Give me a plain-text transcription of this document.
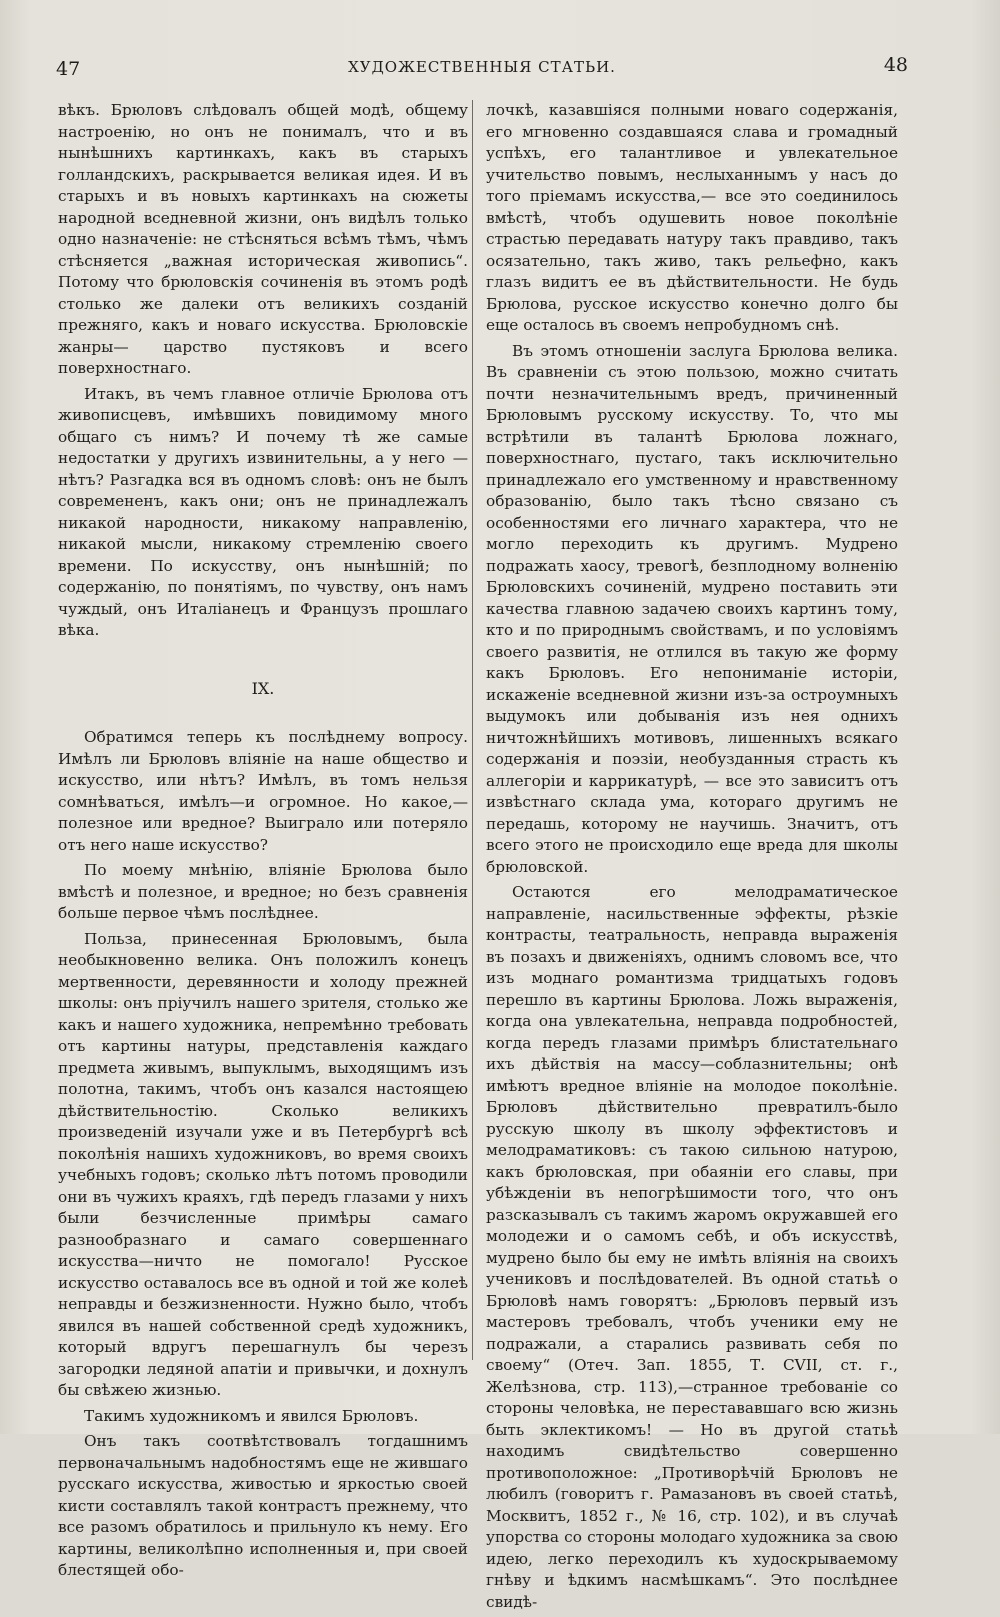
47	ХУДОЖЕСТВЕННЫЯ СТАТЬИ.	48

вѣкъ. Брюловъ слѣдовалъ общей модѣ, общему настроенію, но онъ не понималъ, что и въ нынѣшнихъ картинкахъ, какъ въ старыхъ голландскихъ, раскрывается великая идея. И въ старыхъ и въ новыхъ картинкахъ на сюжеты народной вседневной жизни, онъ видѣлъ только одно назначеніе: не стѣсняться всѣмъ тѣмъ, чѣмъ стѣсняется „важная историческая живопись“. Потому что брюловскія сочиненія въ этомъ родѣ столько же далеки отъ великихъ созданій прежняго, какъ и новаго искусства. Брюловскіе жанры— царство пустяковъ и всего поверхностнаго.

Итакъ, въ чемъ главное отличіе Брюлова отъ живописцевъ, имѣвшихъ повидимому много общаго съ нимъ? И почему тѣ же самые недостатки у другихъ извинительны, а у него — нѣтъ? Разгадка вся въ одномъ словѣ: онъ не былъ современенъ, какъ они; онъ не принадлежалъ никакой народности, никакому направленію, никакой мысли, никакому стремленію своего времени. По искусству, онъ нынѣшній; по содержанію, по понятіямъ, по чувству, онъ намъ чуждый, онъ Италіанецъ и Французъ прошлаго вѣка.

IX.

Обратимся теперь къ послѣднему вопросу. Имѣлъ ли Брюловъ вліяніе на наше общество и искусство, или нѣтъ? Имѣлъ, въ томъ нельзя сомнѣваться, имѣлъ—и огромное. Но какое,—полезное или вредное? Выиграло или потеряло отъ него наше искусство?

По моему мнѣнію, вліяніе Брюлова было вмѣстѣ и полезное, и вредное; но безъ сравненія больше первое чѣмъ послѣднее.

Польза, принесенная Брюловымъ, была необыкновенно велика. Онъ положилъ конецъ мертвенности, деревянности и холоду прежней школы: онъ пріучилъ нашего зрителя, столько же какъ и нашего художника, непремѣнно требовать отъ картины натуры, представленія каждаго предмета живымъ, выпуклымъ, выходящимъ изъ полотна, такимъ, чтобъ онъ казался настоящею дѣйствительностію. Сколько великихъ произведеній изучали уже и въ Петербургѣ всѣ поколѣнія нашихъ художниковъ, во время своихъ учебныхъ годовъ; сколько лѣтъ потомъ проводили они въ чужихъ краяхъ, гдѣ передъ глазами у нихъ были безчисленные примѣры самаго разнообразнаго и самаго совершеннаго искусства—ничто не помогало! Русское искусство оставалось все въ одной и той же колеѣ неправды и безжизненности. Нужно было, чтобъ явился въ нашей собственной средѣ художникъ, который вдругъ перешагнулъ бы черезъ загородки ледяной апатіи и привычки, и дохнулъ бы свѣжею жизнью.

Такимъ художникомъ и явился Брюловъ.

Онъ такъ соотвѣтствовалъ тогдашнимъ первоначальнымъ надобностямъ еще не жившаго русскаго искусства, живостью и яркостью своей кисти составлялъ такой контрастъ прежнему, что все разомъ обратилось и прильнуло къ нему. Его картины, великолѣпно исполненныя и, при своей блестящей обо-

лочкѣ, казавшіяся полными новаго содержанія, его мгновенно создавшаяся слава и громадный успѣхъ, его талантливое и увлекательное учительство повымъ, неслыханнымъ у насъ до того пріемамъ искусства,— все это соединилось вмѣстѣ, чтобъ одушевить новое поколѣніе страстью передавать натуру такъ правдиво, такъ осязательно, такъ живо, такъ рельефно, какъ глазъ видитъ ее въ дѣйствительности. Не будь Брюлова, русское искусство конечно долго бы еще осталось въ своемъ непробудномъ снѣ.

Въ этомъ отношеніи заслуга Брюлова велика. Въ сравненіи съ этою пользою, можно считать почти незначительнымъ вредъ, причиненный Брюловымъ русскому искусству. То, что мы встрѣтили въ талантѣ Брюлова ложнаго, поверхностнаго, пустаго, такъ исключительно принадлежало его умственному и нравственному образованію, было такъ тѣсно связано съ особенностями его личнаго характера, что не могло переходить къ другимъ. Мудрено подражать хаосу, тревогѣ, безплодному волненію Брюловскихъ сочиненій, мудрено поставить эти качества главною задачею своихъ картинъ тому, кто и по природнымъ свойствамъ, и по условіямъ своего развитія, не отлился въ такую же форму какъ Брюловъ. Его непониманіе исторіи, искаженіе вседневной жизни изъ-за остроумныхъ выдумокъ или добыванія изъ нея однихъ ничтожнѣйшихъ мотивовъ, лишенныхъ всякаго содержанія и поэзіи, необузданныя страсть къ аллегоріи и каррикатурѣ, — все это зависитъ отъ извѣстнаго склада ума, котораго другимъ не передашь, которому не научишь. Значитъ, отъ всего этого не происходило еще вреда для школы брюловской.

Остаются его мелодраматическое направленіе, насильственные эффекты, рѣзкіе контрасты, театральность, неправда выраженія въ позахъ и движеніяхъ, однимъ словомъ все, что изъ моднаго романтизма тридцатыхъ годовъ перешло въ картины Брюлова. Ложь выраженія, когда она увлекательна, неправда подробностей, когда передъ глазами примѣръ блистательнаго ихъ дѣйствія на массу—соблазнительны; онѣ имѣютъ вредное вліяніе на молодое поколѣніе. Брюловъ дѣйствительно превратилъ-было русскую школу въ школу эффектистовъ и мелодраматиковъ: съ такою сильною натурою, какъ брюловская, при обаяніи его славы, при убѣжденіи въ непогрѣшимости того, что онъ разсказывалъ съ такимъ жаромъ окружавшей его молодежи и о самомъ себѣ, и объ искусствѣ, мудрено было бы ему не имѣть вліянія на своихъ учениковъ и послѣдователей. Въ одной статьѣ о Брюловѣ намъ говорятъ: „Брюловъ первый изъ мастеровъ требовалъ, чтобъ ученики ему не подражали, а старались развивать себя по своему“ (Отеч. Зап. 1855, Т. CVII, ст. г., Желѣзнова, стр. 113),—странное требованіе со стороны человѣка, не перестававшаго всю жизнь быть эклектикомъ! — Но въ другой статьѣ находимъ свидѣтельство совершенно противоположное: „Противорѣчій Брюловъ не любилъ (говоритъ г. Рамазановъ въ своей статьѣ, Москвитъ, 1852 г., № 16, стр. 102), и въ случаѣ упорства со стороны молодаго художника за свою идею, легко переходилъ къ худоскрываемому гнѣву и ѣдкимъ насмѣшкамъ“. Это послѣднее свидѣ-
